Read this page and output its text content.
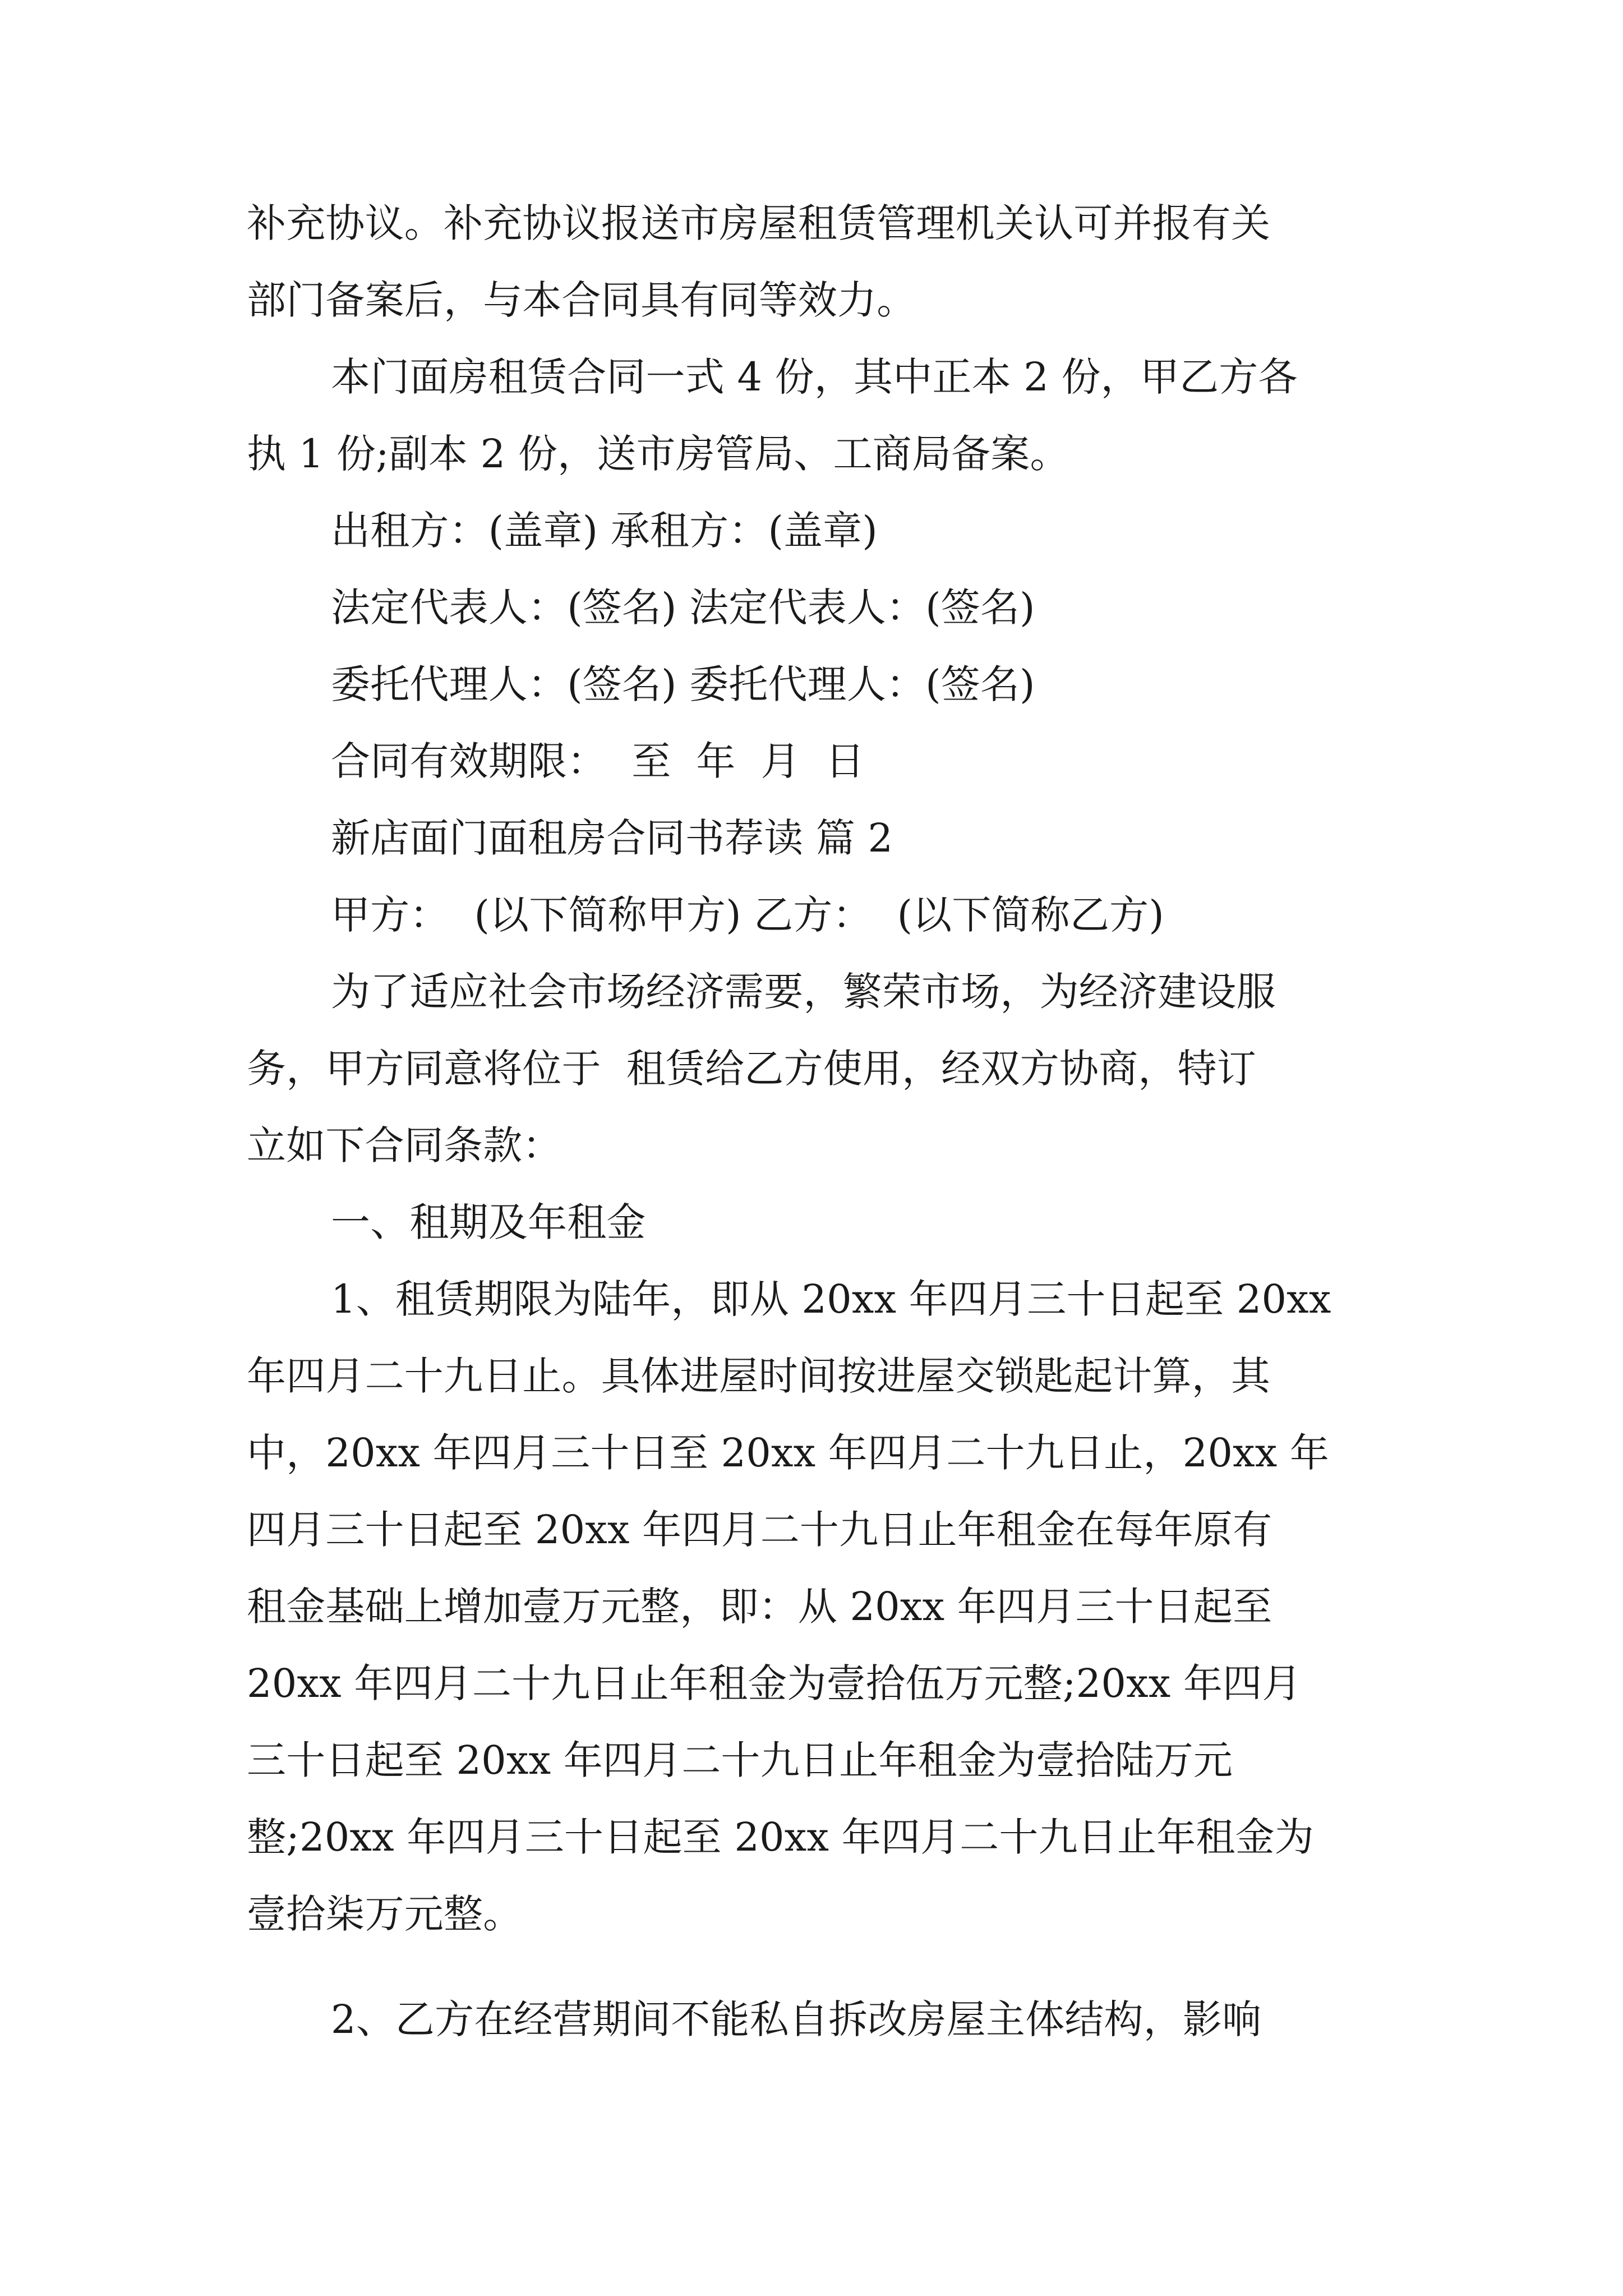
补充协议。补充协议报送市房屋租赁管理机关认可并报有关
部门备案后，与本合同具有同等效力。
本门面房租赁合同一式 4 份，其中正本 2 份，甲乙方各
执 1 份;副本 2 份，送市房管局、工商局备案。
出租方：(盖章) 承租方：(盖章)
法定代表人：(签名) 法定代表人：(签名)
委托代理人：(签名) 委托代理人：(签名)
合同有效期限：  至  年  月  日
新店面门面租房合同书荐读 篇 2
甲方：  (以下简称甲方) 乙方：  (以下简称乙方)
为了适应社会市场经济需要，繁荣市场，为经济建设服
务，甲方同意将位于  租赁给乙方使用，经双方协商，特订
立如下合同条款：
一、租期及年租金
1、租赁期限为陆年，即从 20xx 年四月三十日起至 20xx
年四月二十九日止。具体进屋时间按进屋交锁匙起计算，其
中，20xx 年四月三十日至 20xx 年四月二十九日止，20xx 年
四月三十日起至 20xx 年四月二十九日止年租金在每年原有
租金基础上增加壹万元整，即：从 20xx 年四月三十日起至
20xx 年四月二十九日止年租金为壹拾伍万元整;20xx 年四月
三十日起至 20xx 年四月二十九日止年租金为壹拾陆万元
整;20xx 年四月三十日起至 20xx 年四月二十九日止年租金为
壹拾柒万元整。
2、乙方在经营期间不能私自拆改房屋主体结构，影响
